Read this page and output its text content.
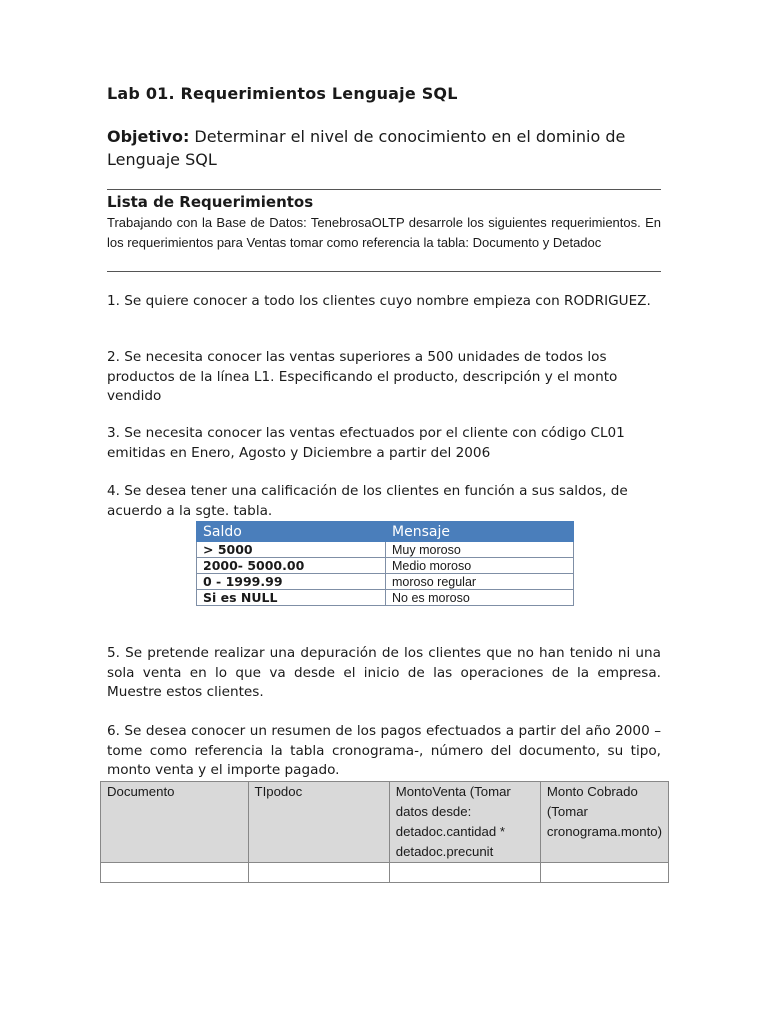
Lab 01. Requerimientos Lenguaje SQL
Objetivo: Determinar el nivel de conocimiento en el dominio de Lenguaje SQL
Lista de Requerimientos
Trabajando con la Base de Datos: TenebrosaOLTP desarrole los siguientes requerimientos. En los requerimientos para Ventas tomar como referencia la tabla: Documento y Detadoc
1. Se quiere conocer a todo los clientes cuyo nombre empieza con RODRIGUEZ.
2. Se necesita conocer las ventas superiores a 500 unidades de todos los productos de la línea L1. Especificando el producto, descripción y el monto vendido
3. Se necesita conocer las ventas efectuados por el cliente con código CL01 emitidas en Enero, Agosto y Diciembre a partir del 2006
4. Se desea tener una calificación de los clientes en función a sus saldos, de acuerdo a la sgte. tabla.
Saldo	Mensaje
> 5000	Muy moroso
2000- 5000.00	Medio moroso
0 - 1999.99	moroso regular
Si es NULL	No es moroso
5. Se pretende realizar una depuración de los clientes que no han tenido ni una sola venta en lo que va desde el inicio de las operaciones de la empresa. Muestre estos clientes.
6. Se desea conocer un resumen de los pagos efectuados a partir del año 2000 – tome como referencia la tabla cronograma-, número del documento, su tipo, monto venta y el importe pagado.
Documento	TIpodoc	MontoVenta (Tomar datos desde: detadoc.cantidad * detadoc.precunit	Monto Cobrado (Tomar cronograma.monto)
